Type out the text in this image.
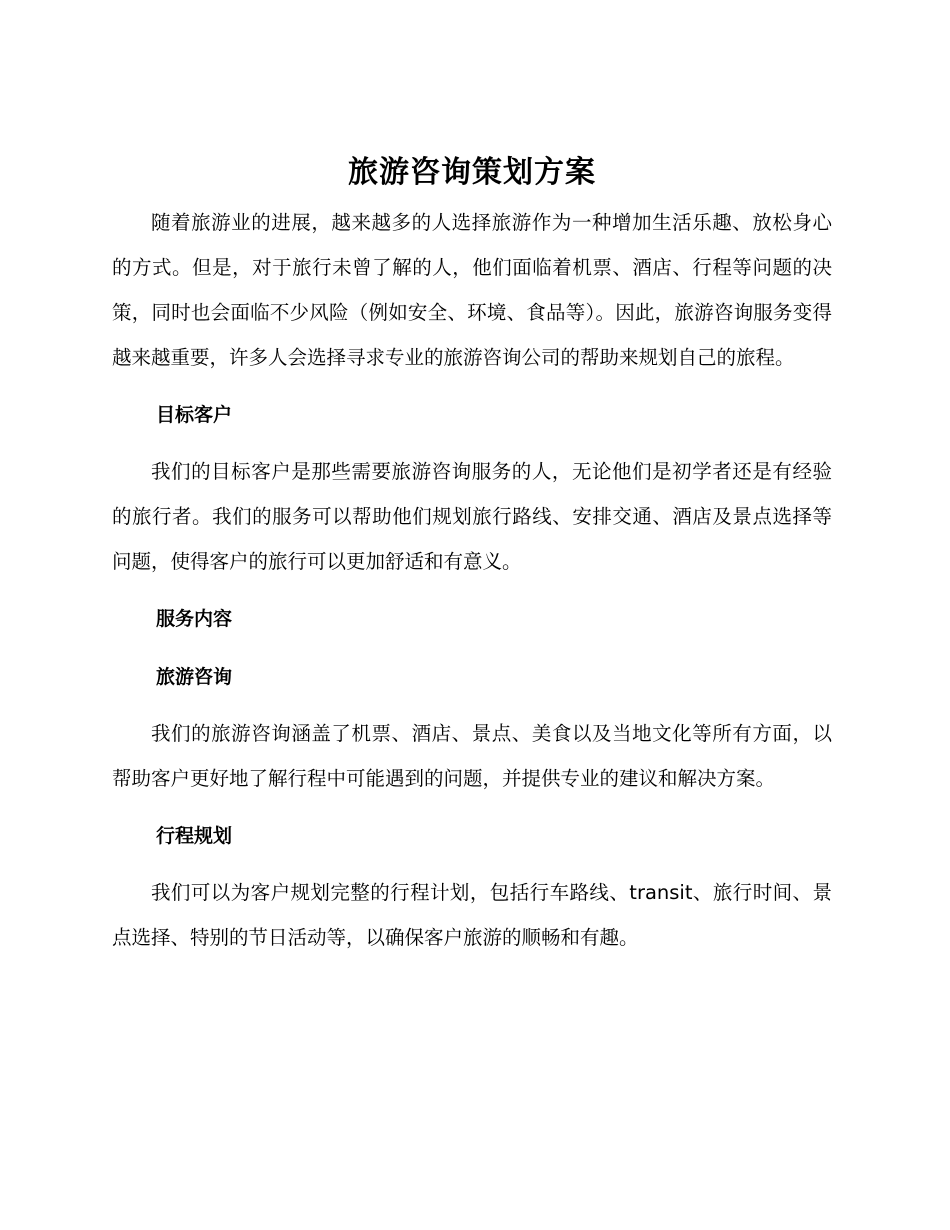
旅游咨询策划方案

随着旅游业的进展，越来越多的人选择旅游作为一种增加生活乐趣、放松身心的方式。但是，对于旅行未曾了解的人，他们面临着机票、酒店、行程等问题的决策，同时也会面临不少风险（例如安全、环境、食品等）。因此，旅游咨询服务变得越来越重要，许多人会选择寻求专业的旅游咨询公司的帮助来规划自己的旅程。

目标客户

我们的目标客户是那些需要旅游咨询服务的人，无论他们是初学者还是有经验的旅行者。我们的服务可以帮助他们规划旅行路线、安排交通、酒店及景点选择等问题，使得客户的旅行可以更加舒适和有意义。

服务内容
旅游咨询

我们的旅游咨询涵盖了机票、酒店、景点、美食以及当地文化等所有方面，以帮助客户更好地了解行程中可能遇到的问题，并提供专业的建议和解决方案。

行程规划

我们可以为客户规划完整的行程计划，包括行车路线、transit、旅行时间、景点选择、特别的节日活动等，以确保客户旅游的顺畅和有趣。
